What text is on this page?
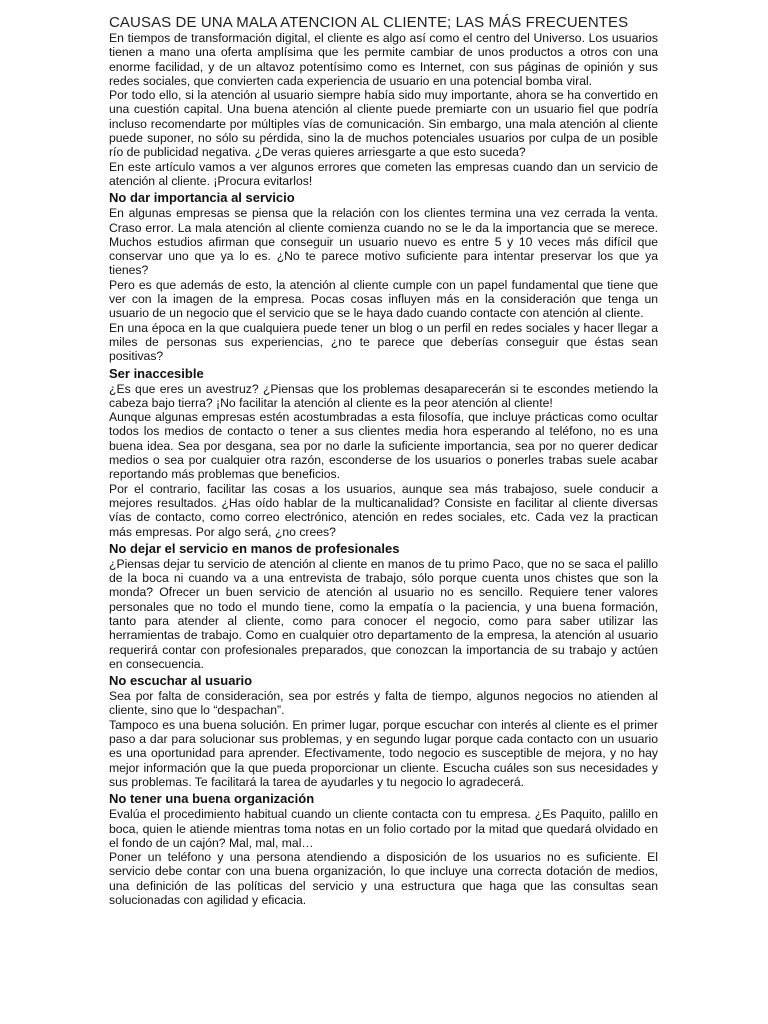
CAUSAS DE UNA MALA ATENCION AL CLIENTE; LAS MÁS FRECUENTES

En tiempos de transformación digital, el cliente es algo así como el centro del Universo. Los usuarios tienen a mano una oferta amplísima que les permite cambiar de unos productos a otros con una enorme facilidad, y de un altavoz potentísimo como es Internet, con sus páginas de opinión y sus redes sociales, que convierten cada experiencia de usuario en una potencial bomba viral.

Por todo ello, si la atención al usuario siempre había sido muy importante, ahora se ha convertido en una cuestión capital. Una buena atención al cliente puede premiarte con un usuario fiel que podría incluso recomendarte por múltiples vías de comunicación. Sin embargo, una mala atención al cliente puede suponer, no sólo su pérdida, sino la de muchos potenciales usuarios por culpa de un posible río de publicidad negativa. ¿De veras quieres arriesgarte a que esto suceda?

En este artículo vamos a ver algunos errores que cometen las empresas cuando dan un servicio de atención al cliente. ¡Procura evitarlos!

No dar importancia al servicio

En algunas empresas se piensa que la relación con los clientes termina una vez cerrada la venta. Craso error. La mala atención al cliente comienza cuando no se le da la importancia que se merece. Muchos estudios afirman que conseguir un usuario nuevo es entre 5 y 10 veces más difícil que conservar uno que ya lo es. ¿No te parece motivo suficiente para intentar preservar los que ya tienes?

Pero es que además de esto, la atención al cliente cumple con un papel fundamental que tiene que ver con la imagen de la empresa. Pocas cosas influyen más en la consideración que tenga un usuario de un negocio que el servicio que se le haya dado cuando contacte con atención al cliente.

En una época en la que cualquiera puede tener un blog o un perfil en redes sociales y hacer llegar a miles de personas sus experiencias, ¿no te parece que deberías conseguir que éstas sean positivas?

Ser inaccesible

¿Es que eres un avestruz? ¿Piensas que los problemas desaparecerán si te escondes metiendo la cabeza bajo tierra? ¡No facilitar la atención al cliente es la peor atención al cliente!

Aunque algunas empresas estén acostumbradas a esta filosofía, que incluye prácticas como ocultar todos los medios de contacto o tener a sus clientes media hora esperando al teléfono, no es una buena idea. Sea por desgana, sea por no darle la suficiente importancia, sea por no querer dedicar medios o sea por cualquier otra razón, esconderse de los usuarios o ponerles trabas suele acabar reportando más problemas que beneficios.

Por el contrario, facilitar las cosas a los usuarios, aunque sea más trabajoso, suele conducir a mejores resultados. ¿Has oído hablar de la multicanalidad? Consiste en facilitar al cliente diversas vías de contacto, como correo electrónico, atención en redes sociales, etc. Cada vez la practican más empresas. Por algo será, ¿no crees?

No dejar el servicio en manos de profesionales

¿Piensas dejar tu servicio de atención al cliente en manos de tu primo Paco, que no se saca el palillo de la boca ni cuando va a una entrevista de trabajo, sólo porque cuenta unos chistes que son la monda? Ofrecer un buen servicio de atención al usuario no es sencillo. Requiere tener valores personales que no todo el mundo tiene, como la empatía o la paciencia, y una buena formación, tanto para atender al cliente, como para conocer el negocio, como para saber utilizar las herramientas de trabajo. Como en cualquier otro departamento de la empresa, la atención al usuario requerirá contar con profesionales preparados, que conozcan la importancia de su trabajo y actúen en consecuencia.

No escuchar al usuario

Sea por falta de consideración, sea por estrés y falta de tiempo, algunos negocios no atienden al cliente, sino que lo “despachan”.

Tampoco es una buena solución. En primer lugar, porque escuchar con interés al cliente es el primer paso a dar para solucionar sus problemas, y en segundo lugar porque cada contacto con un usuario es una oportunidad para aprender. Efectivamente, todo negocio es susceptible de mejora, y no hay mejor información que la que pueda proporcionar un cliente. Escucha cuáles son sus necesidades y sus problemas. Te facilitará la tarea de ayudarles y tu negocio lo agradecerá.

No tener una buena organización

Evalúa el procedimiento habitual cuando un cliente contacta con tu empresa. ¿Es Paquito, palillo en boca, quien le atiende mientras toma notas en un folio cortado por la mitad que quedará olvidado en el fondo de un cajón? Mal, mal, mal…

Poner un teléfono y una persona atendiendo a disposición de los usuarios no es suficiente. El servicio debe contar con una buena organización, lo que incluye una correcta dotación de medios, una definición de las políticas del servicio y una estructura que haga que las consultas sean solucionadas con agilidad y eficacia.
